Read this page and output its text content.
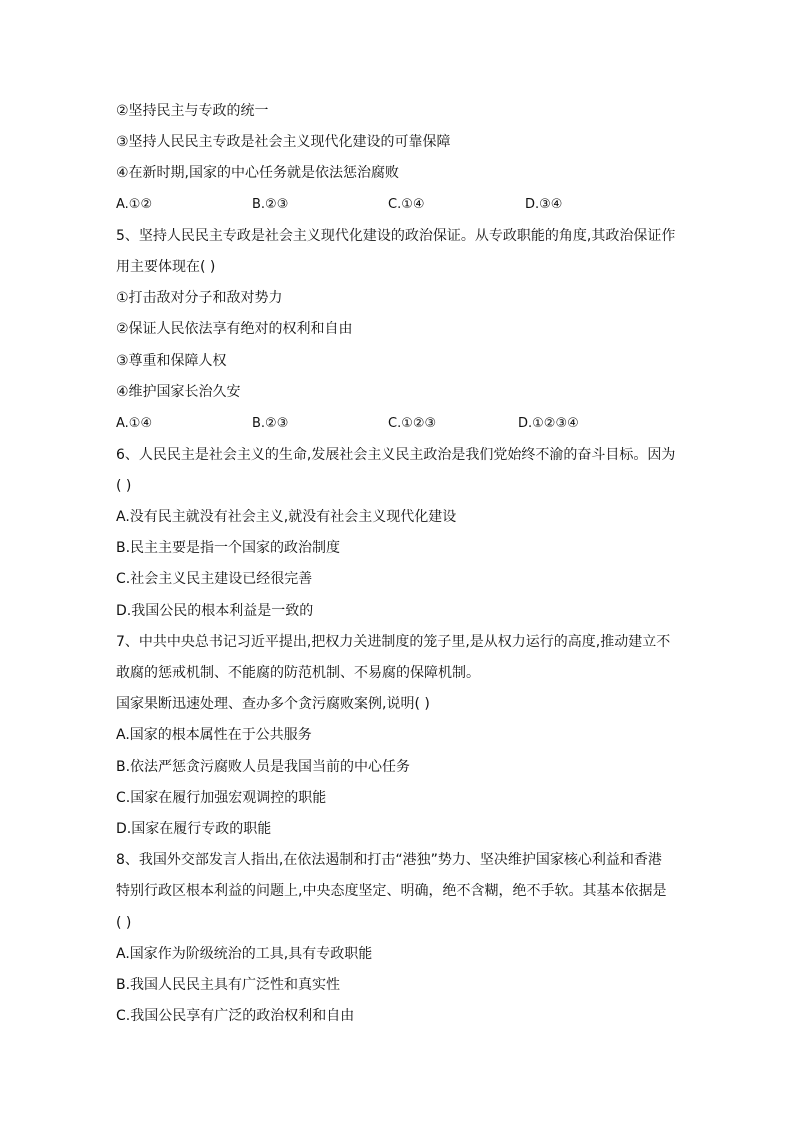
②坚持民主与专政的统一
③坚持人民民主专政是社会主义现代化建设的可靠保障
④在新时期,国家的中心任务就是依法惩治腐败
A.①②	B.②③	C.①④	D.③④
5、坚持人民民主专政是社会主义现代化建设的政治保证。从专政职能的角度,其政治保证作
用主要体现在( )
①打击敌对分子和敌对势力
②保证人民依法享有绝对的权利和自由
③尊重和保障人权
④维护国家长治久安
A.①④	B.②③	C.①②③	D.①②③④
6、人民民主是社会主义的生命,发展社会主义民主政治是我们党始终不渝的奋斗目标。因为
( )
A.没有民主就没有社会主义,就没有社会主义现代化建设
B.民主主要是指一个国家的政治制度
C.社会主义民主建设已经很完善
D.我国公民的根本利益是一致的
7、中共中央总书记习近平提出,把权力关进制度的笼子里,是从权力运行的高度,推动建立不
敢腐的惩戒机制、不能腐的防范机制、不易腐的保障机制。
国家果断迅速处理、查办多个贪污腐败案例,说明( )
A.国家的根本属性在于公共服务
B.依法严惩贪污腐败人员是我国当前的中心任务
C.国家在履行加强宏观调控的职能
D.国家在履行专政的职能
8、我国外交部发言人指出,在依法遏制和打击“港独”势力、坚决维护国家核心利益和香港
特别行政区根本利益的问题上,中央态度坚定、明确，绝不含糊，绝不手软。其基本依据是
( )
A.国家作为阶级统治的工具,具有专政职能
B.我国人民民主具有广泛性和真实性
C.我国公民享有广泛的政治权利和自由
